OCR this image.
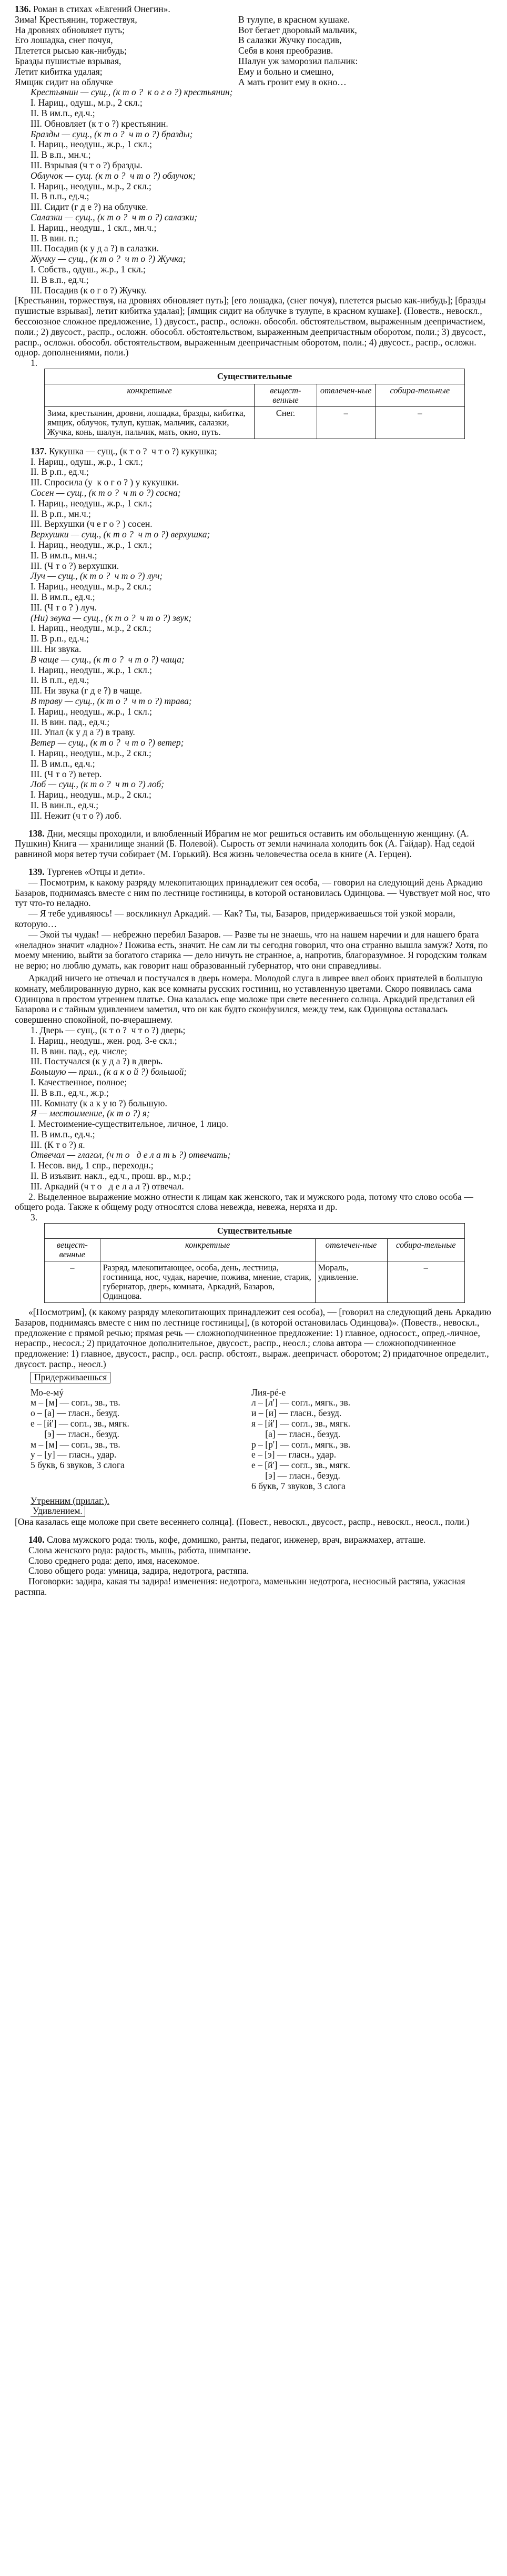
136. Роман в стихах «Евгений Онегин».

Зима! Крестьянин, торжествуя,

На дровнях обновляет путь;

Его лошадка, снег почуя,

Плетется рысью как-нибудь;

Бразды пушистые взрывая,

Летит кибитка удалая;

Ямщик сидит на облучке

В тулупе, в красном кушаке.

Вот бегает дворовый мальчик,

В салазки Жучку посадив,

Себя в коня преобразив.

Шалун уж заморозил пальчик:

Ему и больно и смешно,

А мать грозит ему в окно…

Крестьянин — сущ., (к т о ?  к о г о ?) крестьянин;

I. Нариц., одуш., м.р., 2 скл.;

II. В им.п., ед.ч.;

III. Обновляет (к т о ?) крестьянин.

Бразды — сущ., (к т о ?  ч т о ?) бразды;

I. Нариц., неодуш., ж.р., 1 скл.;

II. В в.п., мн.ч.;

III. Взрывая (ч т о ?) бразды.

Облучок — сущ. (к т о ?  ч т о ?) облучок;

I. Нариц., неодуш., м.р., 2 скл.;

II. В п.п., ед.ч.;

III. Сидит (г д е ?) на облучке.

Салазки — сущ., (к т о ?  ч т о ?) салазки;

I. Нариц., неодуш., 1 скл., мн.ч.;

II. В вин. п.;

III. Посадив (к у д а ?) в салазки.

Жучку — сущ., (к т о ?  ч т о ?) Жучка;

I. Собств., одуш., ж.р., 1 скл.;

II. В в.п., ед.ч.;

III. Посадив (к о г о ?) Жучку.

[Крестьянин, торжествуя, на дровнях обновляет путь]; [его лошадка, (снег почуя), плетется рысью как-нибудь]; [бразды пушистые взрывая], летит кибитка удалая]; [ямщик сидит на облучке в тулупе, в красном кушаке]. (Повеств., невоскл., бессоюзное сложное предложение, 1) двусост., распр., осложн. обособл. обстоятельством, выраженным деепричастием, поли.; 2) двусост., распр., осложн. обособл. обстоятельством, выраженным деепричастным оборотом, поли.; 3) двусост., распр., осложн. обособл. обстоятельством, выраженным деепричастным оборотом, поли.; 4) двусост., распр., осложн. однор. дополнениями, поли.)

1.

Существительные			
конкретные	вещест-венные	отвлечен-ные	собира-тельные
Зима, крестьянин, дровни, лошадка, бразды, кибитка, ямщик, облучок, тулуп, кушак, мальчик, салазки, Жучка, конь, шалун, пальчик, мать, окно, путь.	Снег.	–	–

137. Кукушка — сущ., (к т о ?  ч т о ?) кукушка;

I. Нариц., одуш., ж.р., 1 скл.;

II. В р.п., ед.ч.;

III. Спросила (у  к о г о ? ) у кукушки.

Сосен — сущ., (к т о ?  ч т о ?) сосна;

I. Нариц., неодуш., ж.р., 1 скл.;

II. В р.п., мн.ч.;

III. Верхушки (ч е г о ? ) сосен.

Верхушки — сущ., (к т о ?  ч т о ?) верхушка;

I. Нариц., неодуш., ж.р., 1 скл.;

II. В им.п., мн.ч.;

III. (Ч т о ?) верхушки.

Луч — сущ., (к т о ?  ч т о ?) луч;

I. Нариц., неодуш., м.р., 2 скл.;

II. В им.п., ед.ч.;

III. (Ч т о ? ) луч.

(Ни) звука — сущ., (к т о ?  ч т о ?) звук;

I. Нариц., неодуш., м.р., 2 скл.;

II. В р.п., ед.ч.;

III. Ни звука.

В чаще — сущ., (к т о ?  ч т о ?) чаща;

I. Нариц., неодуш., ж.р., 1 скл.;

II. В п.п., ед.ч.;

III. Ни звука (г д е ?) в чаще.

В траву — сущ., (к т о ?  ч т о ?) трава;

I. Нариц., неодуш., ж.р., 1 скл.;

II. В вин. пад., ед.ч.;

III. Упал (к у д а ?) в траву.

Ветер — сущ., (к т о ?  ч т о ?) ветер;

I. Нариц., неодуш., м.р., 2 скл.;

II. В им.п., ед.ч.;

III. (Ч т о ?) ветер.

Лоб — сущ., (к т о ?  ч т о ?) лоб;

I. Нариц., неодуш., м.р., 2 скл.;

II. В вин.п., ед.ч.;

III. Нежит (ч т о ?) лоб.

138. Дни, месяцы проходили, и влюбленный Ибрагим не мог решиться оставить им обольщенную женщину. (А. Пушкин) Книга — хранилище знаний (Б. Полевой). Сырость от земли начинала холодить бок (А. Гайдар). Над седой равниной моря ветер тучи собирает (М. Горький). Вся жизнь человечества осела в книге (А. Герцен).

139. Тургенев «Отцы и дети».

— Посмотрим, к какому разряду млекопитающих принадлежит сея особа, — говорил на следующий день Аркадию Базаров, поднимаясь вместе с ним по лестнице гостиницы, в которой остановилась Одинцова. — Чувствует мой нос, что тут что-то неладно.

— Я тебе удивляюсь! — воскликнул Аркадий. — Как? Ты, ты, Базаров, придерживаешься той узкой морали, которую…

— Экой ты чудак! — небрежно перебил Базаров. — Разве ты не знаешь, что на нашем наречии и для нашего брата «неладно» значит «ладно»? Пожива есть, значит. Не сам ли ты сегодня говорил, что она странно вышла замуж? Хотя, по моему мнению, выйти за богатого старика — дело ничуть не странное, а, напротив, благоразумное. Я городским толкам не верю; но люблю думать, как говорит наш образованный губернатор, что они справедливы.

Аркадий ничего не отвечал и постучался в дверь номера. Молодой слуга в ливрее ввел обоих приятелей в большую комнату, меблированную дурно, как все комнаты русских гостиниц, но уставленную цветами. Скоро появилась сама Одинцова в простом утреннем платье. Она казалась еще моложе при свете весеннего солнца. Аркадий представил ей Базарова и с тайным удивлением заметил, что он как будто сконфузился, между тем, как Одинцова оставалась совершенно спокойной, по-вчерашнему.

1. Дверь — сущ., (к т о ?  ч т о ?) дверь;

I. Нариц., неодуш., жен. род. 3-е скл.;

II. В вин. пад., ед. числе;

III. Постучался (к у д а ?) в дверь.

Большую — прил., (к а к о й ?) большой;

I. Качественное, полное;

II. В в.п., ед.ч., ж.р.;

III. Комнату (к а к у ю ?) большую.

Я — местоимение, (к т о ?) я;

I. Местоимение-существительное, личное, 1 лицо.

II. В им.п., ед.ч.;

III. (К т о ?) я.

Отвечал — глагол, (ч т о   д е л а т ь ?) отвечать;

I. Несов. вид, 1 спр., переходн.;

II. В изъявит. накл., ед.ч., прош. вр., м.р.;

III. Аркадий (ч т о   д е л а л ?) отвечал.

2. Выделенное выражение можно отнести к лицам как женского, так и мужского рода, потому что слово особа — общего рода. Также к общему роду относятся слова невежда, невежа, неряха и др.

3.

Существительные			
вещест-венные	конкретные	отвлечен-ные	собира-тельные
–	Разряд, млекопитающее, особа, день, лестница, гостиница, нос, чудак, наречие, пожива, мнение, старик, губернатор, дверь, комната, Аркадий, Базаров, Одинцова.	Мораль, удивление.	–

«[Посмотрим], (к какому разряду млекопитающих принадлежит сея особа), — [говорил на следующий день Аркадию Базаров, поднимаясь вместе с ним по лестнице гостиницы], (в которой остановилась Одинцова)». (Повеств., невоскл., предложение с прямой речью; прямая речь — сложноподчиненное предложение: 1) главное, односост., опред.-личное, нераспр., несосл.; 2) придаточное дополнительное, двусост., распр., неосл.; слова автора — сложноподчиненное предложение: 1) главное, двусост., распр., осл. распр. обстоят., выраж. деепричаст. оборотом; 2) придаточное определит., двусост. распр., неосл.)

Придерживаешься

Мо-е-мý

м – [м] — согл., зв., тв.

о – [а] — гласн., безуд.

е – [й'] — согл., зв., мягк.

[э] — гласн., безуд.

м – [м] — согл., зв., тв.

у – [у] — гласн., удар.

5 букв, 6 звуков, 3 слога

Лия-рé-е

л – [л'] — согл., мягк., зв.

и – [и] — гласн., безуд.

я – [й'] — согл., зв., мягк.

[а] — гласн., безуд.

р – [р'] — согл., мягк., зв.

е – [э] — гласн., удар.

е – [й'] — согл., зв., мягк.

[э] — гласн., безуд.

6 букв, 7 звуков, 3 слога

Утренним (прилаг.).

Удивлением.

[Она казалась еще моложе при свете весеннего солнца]. (Повест., невоскл., двусост., распр., невоскл., неосл., поли.)

140. Слова мужского рода: тюль, кофе, домишко, ранты, педагог, инженер, врач, виражмахер, атташе.

Слова женского рода: радость, мышь, работа, шимпанзе.

Слово среднего рода: депо, имя, насекомое.

Слово общего рода: умница, задира, недотрога, растяпа.

Поговорки: задира, какая ты задира! изменения: недотрога, маменькин недотрога, несносный растяпа, ужасная растяпа.
